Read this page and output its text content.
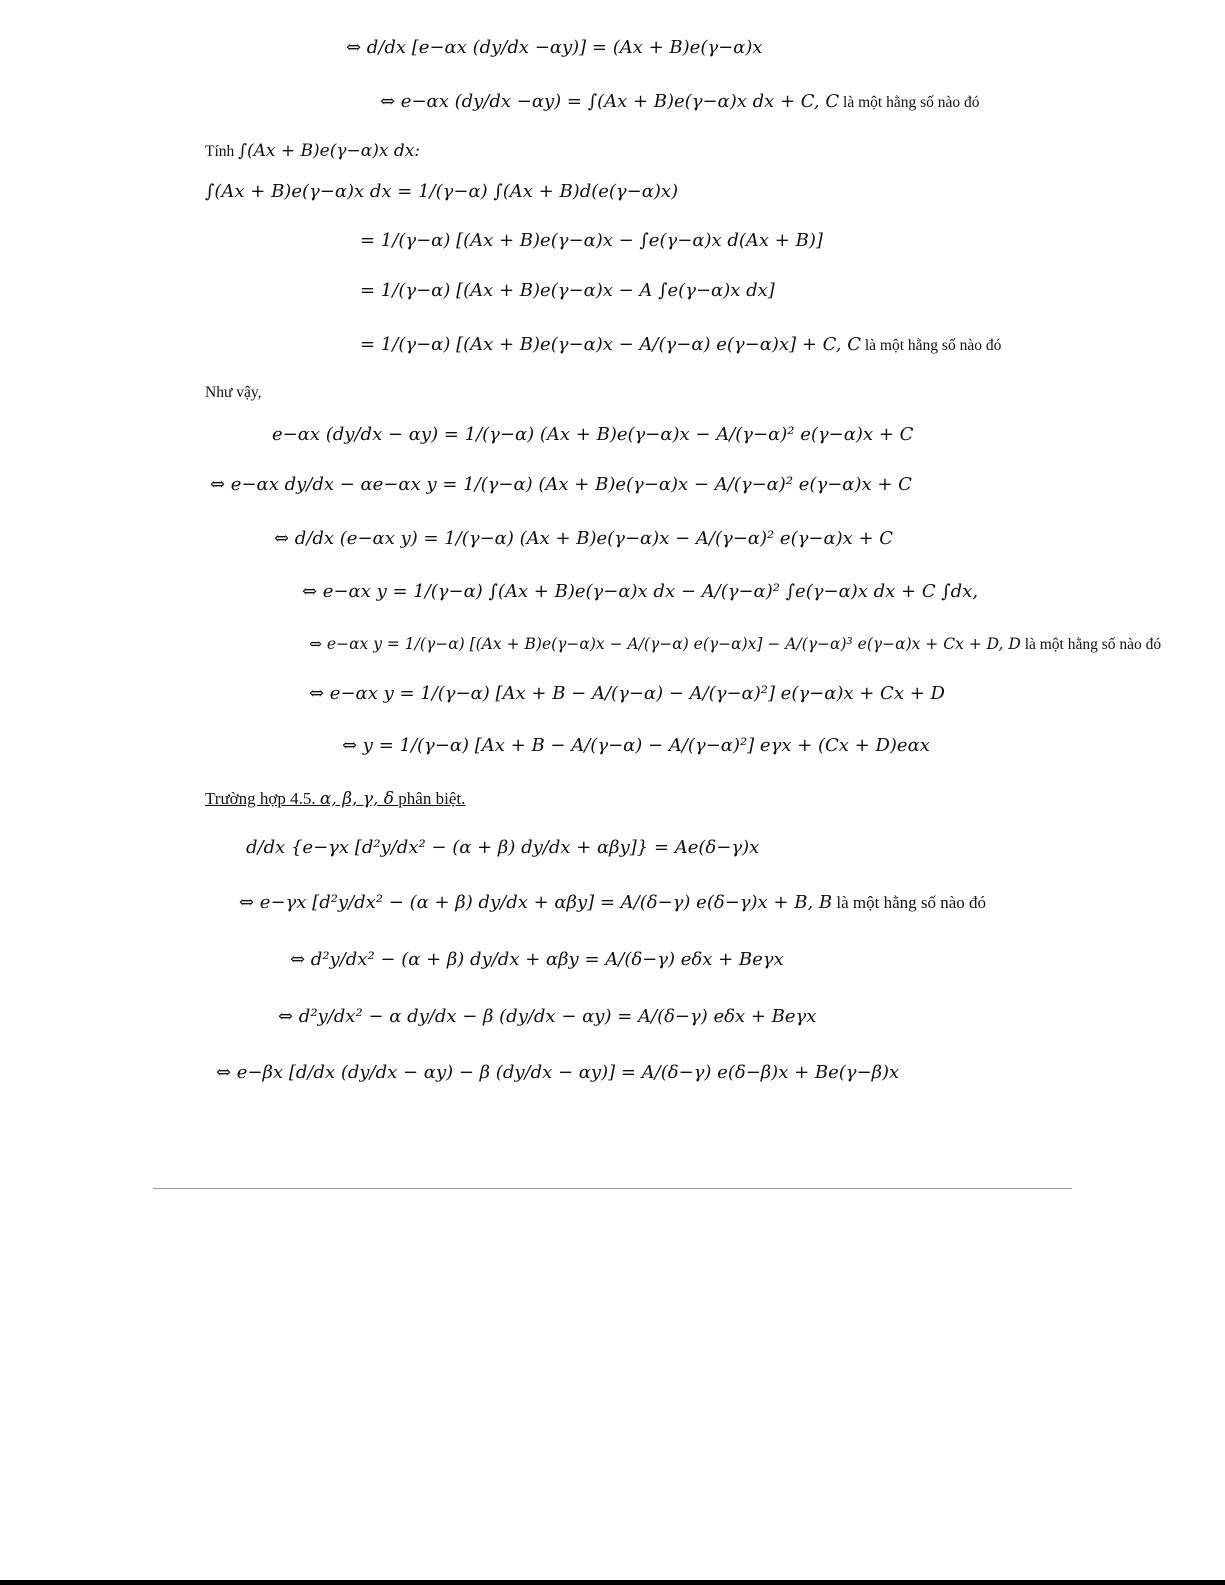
⇔ d/dx [e−αx (dy/dx −αy)] = (Ax + B)e(γ−α)x
⇔ e−αx (dy/dx −αy) = ∫(Ax + B)e(γ−α)x dx + C, C là một hằng số nào đó
Tính ∫(Ax + B)e(γ−α)x dx:
∫(Ax + B)e(γ−α)x dx = 1/(γ−α) ∫(Ax + B)d(e(γ−α)x)
= 1/(γ−α) [(Ax + B)e(γ−α)x − ∫e(γ−α)x d(Ax + B)]
= 1/(γ−α) [(Ax + B)e(γ−α)x − A ∫e(γ−α)x dx]
= 1/(γ−α) [(Ax + B)e(γ−α)x − A/(γ−α) e(γ−α)x] + C, C là một hằng số nào đó
Như vậy,
e−αx (dy/dx − αy) = 1/(γ−α) (Ax + B)e(γ−α)x − A/(γ−α)² e(γ−α)x + C
⇔ e−αx dy/dx − αe−αx y = 1/(γ−α) (Ax + B)e(γ−α)x − A/(γ−α)² e(γ−α)x + C
⇔ d/dx (e−αx y) = 1/(γ−α) (Ax + B)e(γ−α)x − A/(γ−α)² e(γ−α)x + C
⇔ e−αx y = 1/(γ−α) ∫(Ax + B)e(γ−α)x dx − A/(γ−α)² ∫e(γ−α)x dx + C ∫dx,
⇔ e−αx y = 1/(γ−α) [(Ax + B)e(γ−α)x − A/(γ−α) e(γ−α)x] − A/(γ−α)³ e(γ−α)x + Cx + D, D là một hằng số nào đó
⇔ e−αx y = 1/(γ−α) [Ax + B − A/(γ−α) − A/(γ−α)²] e(γ−α)x + Cx + D
⇔ y = 1/(γ−α) [Ax + B − A/(γ−α) − A/(γ−α)²] eγx + (Cx + D)eαx
Trường hợp 4.5. α, β, γ, δ phân biệt.
d/dx {e−γx [d²y/dx² − (α + β) dy/dx + αβy]} = Ae(δ−γ)x
⇔ e−γx [d²y/dx² − (α + β) dy/dx + αβy] = A/(δ−γ) e(δ−γ)x + B, B là một hằng số nào đó
⇔ d²y/dx² − (α + β) dy/dx + αβy = A/(δ−γ) eδx + Beγx
⇔ d²y/dx² − α dy/dx − β (dy/dx − αy) = A/(δ−γ) eδx + Beγx
⇔ e−βx [d/dx (dy/dx − αy) − β (dy/dx − αy)] = A/(δ−γ) e(δ−β)x + Be(γ−β)x
